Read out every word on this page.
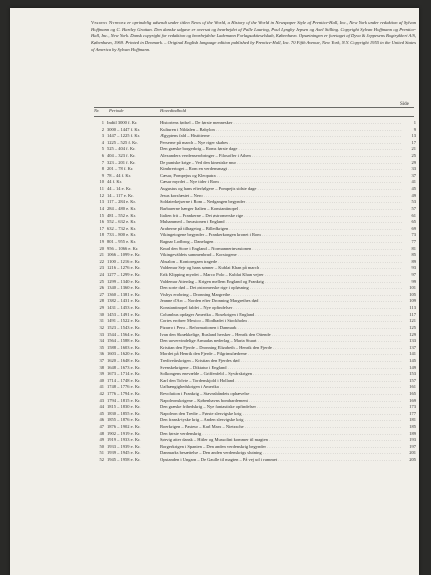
Verdens Nyheder er oprindelig udsendt under titlen News of the World, a History of the World in Newspaper Style af Prentice-Hall, Inc., New York under redaktion af Sylvan Hoffmann og C. Hartley Grattan. Den danske udgave er oversat og bearbejdet af Palle Lauring, Poul Lyngby Jepsen og Axel Stilling. Copyright Sylvan Hoffmann og Prentice-Hall, Inc., New York. Dansk copyright for redaktion og bearbejdelse Lademann Forlagsaktieselskab, København. Opsætningen er foretaget af Dyva & Jeppesens Bogtrykkeri A/S, København, 1969. Printed in Denmark. – Original English language edition published by Prentice-Hall, Inc. 70 Fifth Avenue, New York, N.Y. Copyright 1955 in the United States of America by Sylvan Hoffmann.
Side
Nr. Periode	Hovedindhold
1 Indtil 3000 f. Kr.	Historiens fødsel – De første mennesker . . .	1
2 3000 – 1447 f. Kr.	Kulturen i Nildalen – Babylon . . .	9
3 1447 – 1225 f. Kr.	Ægyptens fald – Histitterne . . .	13
4 1225 – 525 f. Kr.	Perserne på march – Nye riger skabes . . .	17
5 525 – 404 f. Kr.	Den græske borgerkrig – Roms første dage . . .	21
6 404 – 323 f. Kr.	Alexanders verdenserobringer – Filosoffer i Athen . . .	25
7 323 – 201 f. Kr.	De puniske krige – Ved den kinesiske mur . . .	29
8 201 – 78 f. Kr.	Kimbrertoget – Rom en verdensmagt . . .	33
9 78 – 44 f. Kr.	Cæsar, Pompejus og Kleopatra . . .	37
10 44 f. Kr.	Cæsar myrdet – Nye tider i Rom . . .	41
11 44 – 14 e. Kr.	Augustus og hans efterfølgere – Pompejis sidste dage . . .	45
12 14 – 117 e. Kr.	Jesus korsfæstet – Nero . . .	49
13 117 – 284 e. Kr.	Soldaterkejserne i Rom – Nedgangen begynder . . .	53
14 284 – 480 e. Kr.	Barbarerne hærger Italien – Konstantinopel . . .	57
15 481 – 552 e. Kr.	Italien frit – Frankerne – Det østromerske rige . . .	61
16 552 – 632 e. Kr.	Muhammed – Invasionen i England . . .	65
17 632 – 732 e. Kr.	Araberne på tilbagetog – Billedkrigen . . .	69
18 733 – 800 e. Kr.	Vikingetogene begynder – Frankerkongen kronet i Rom . . .	73
19 801 – 955 e. Kr.	Ragnar Lodbrog – Danelagen . . .	77
20 956 – 1066 e. Kr.	Knud den Store i England – Normannerinvasionen . . .	81
21 1066 – 1099 e. Kr.	Vikingeväldets sammenbrud – Korstogene . . .	85
22 1100 – 1216 e. Kr.	Absalon – Kontoregaen tragede . . .	89
23 1216 – 1276 e. Kr.	Valdemar Sejr og hans sønner – Kublai Khan på march . . .	93
24 1277 – 1299 e. Kr.	Erik Klipping myrdet – Marco Polo – Kublai Khan vejrer . . .	97
25 1299 – 1340 e. Kr.	Valdemar Atterdag – Krigen mellem England og Frankrig . . .	99
26 1340 – 1360 e. Kr.	Den sorte død – Det østromerske rige i opløsning . . .	101
27 1360 – 1381 e. Kr.	Visbys erobring – Dronning Margrethe . . .	105
28 1382 – 1431 e. Kr.	Jeanne d'Arc – Norden efter Dronning Margrethes død . . .	109
29 1431 – 1453 e. Kr.	Konstantinopel faldet – Nye opfindelser . . .	113
30 1453 – 1491 e. Kr.	Columbus opdager Amerika – Rosekrigen i England . . .	117
31 1491 – 1522 e. Kr.	Cortes erobrer Mexico – Blodbadet i Stockholm . . .	121
32 1523 – 1543 e. Kr.	Pizarro i Peru – Reformationen i Danmark . . .	125
33 1544 – 1564 e. Kr.	Ivan den Skrækkelige, Rusland hersker – Henrik den Ottende . . .	129
34 1564 – 1588 e. Kr.	Den uovervindelige Armadas nederlag – Maria Stuart . . .	133
35 1588 – 1603 e. Kr.	Kristian den Fjerde – Dronning Elizabeth – Henrik den Fjerde . . .	137
36 1603 – 1620 e. Kr.	Mordet på Henrik den Fjerde – Pilgrimsfædrene . . .	141
37 1620 – 1648 e. Kr.	Trediveårskrigen – Kristian den Fjerdes død . . .	145
38 1648 – 1673 e. Kr.	Svenskekrigene – Diktatur i England . . .	149
39 1673 – 1714 e. Kr.	Solkongens enevælde – Griffenfeld – Syvårskrigen . . .	153
40 1714 – 1748 e. Kr.	Karl den Tolvte – Tordenskjold i Holland . . .	157
41 1748 – 1776 e. Kr.	Uafhængighedskrigen i Amerika . . .	161
42 1776 – 1794 e. Kr.	Revolution i Frankrig – Stavnsbåndets ophævelse . . .	165
43 1794 – 1815 e. Kr.	Napoleonskrigene – Københavns bombardement . . .	169
44 1815 – 1830 e. Kr.	Den græske frihedskrig – Nye fantastiske opfindelser . . .	173
45 1830 – 1855 e. Kr.	Napoleon den Tredie – Første slesvigske krig . . .	177
46 1855 – 1876 e. Kr.	Den fransk-tyske krig – Anden slesvigske krig . . .	181
47 1876 – 1902 e. Kr.	Boerkrigen – Pasteur – Karl Marx – Nietzsche . . .	185
48 1902 – 1919 e. Kr.	Den første verdenskrig . . .	189
49 1919 – 1933 e. Kr.	Sørvig atter dansk – Hitler og Mussolini kommer til magten . . .	193
50 1933 – 1939 e. Kr.	Borgerkrigen i Spanien – Den anden verdenskrig begynder . . .	197
51 1939 – 1945 e. Kr.	Danmarks besættelse – Den anden verdenskrigs slutning . . .	201
52 1945 – 1958 e. Kr.	Opstanden i Ungarn – De Gaulle til magten – På vej ud i rummet . . .	205
